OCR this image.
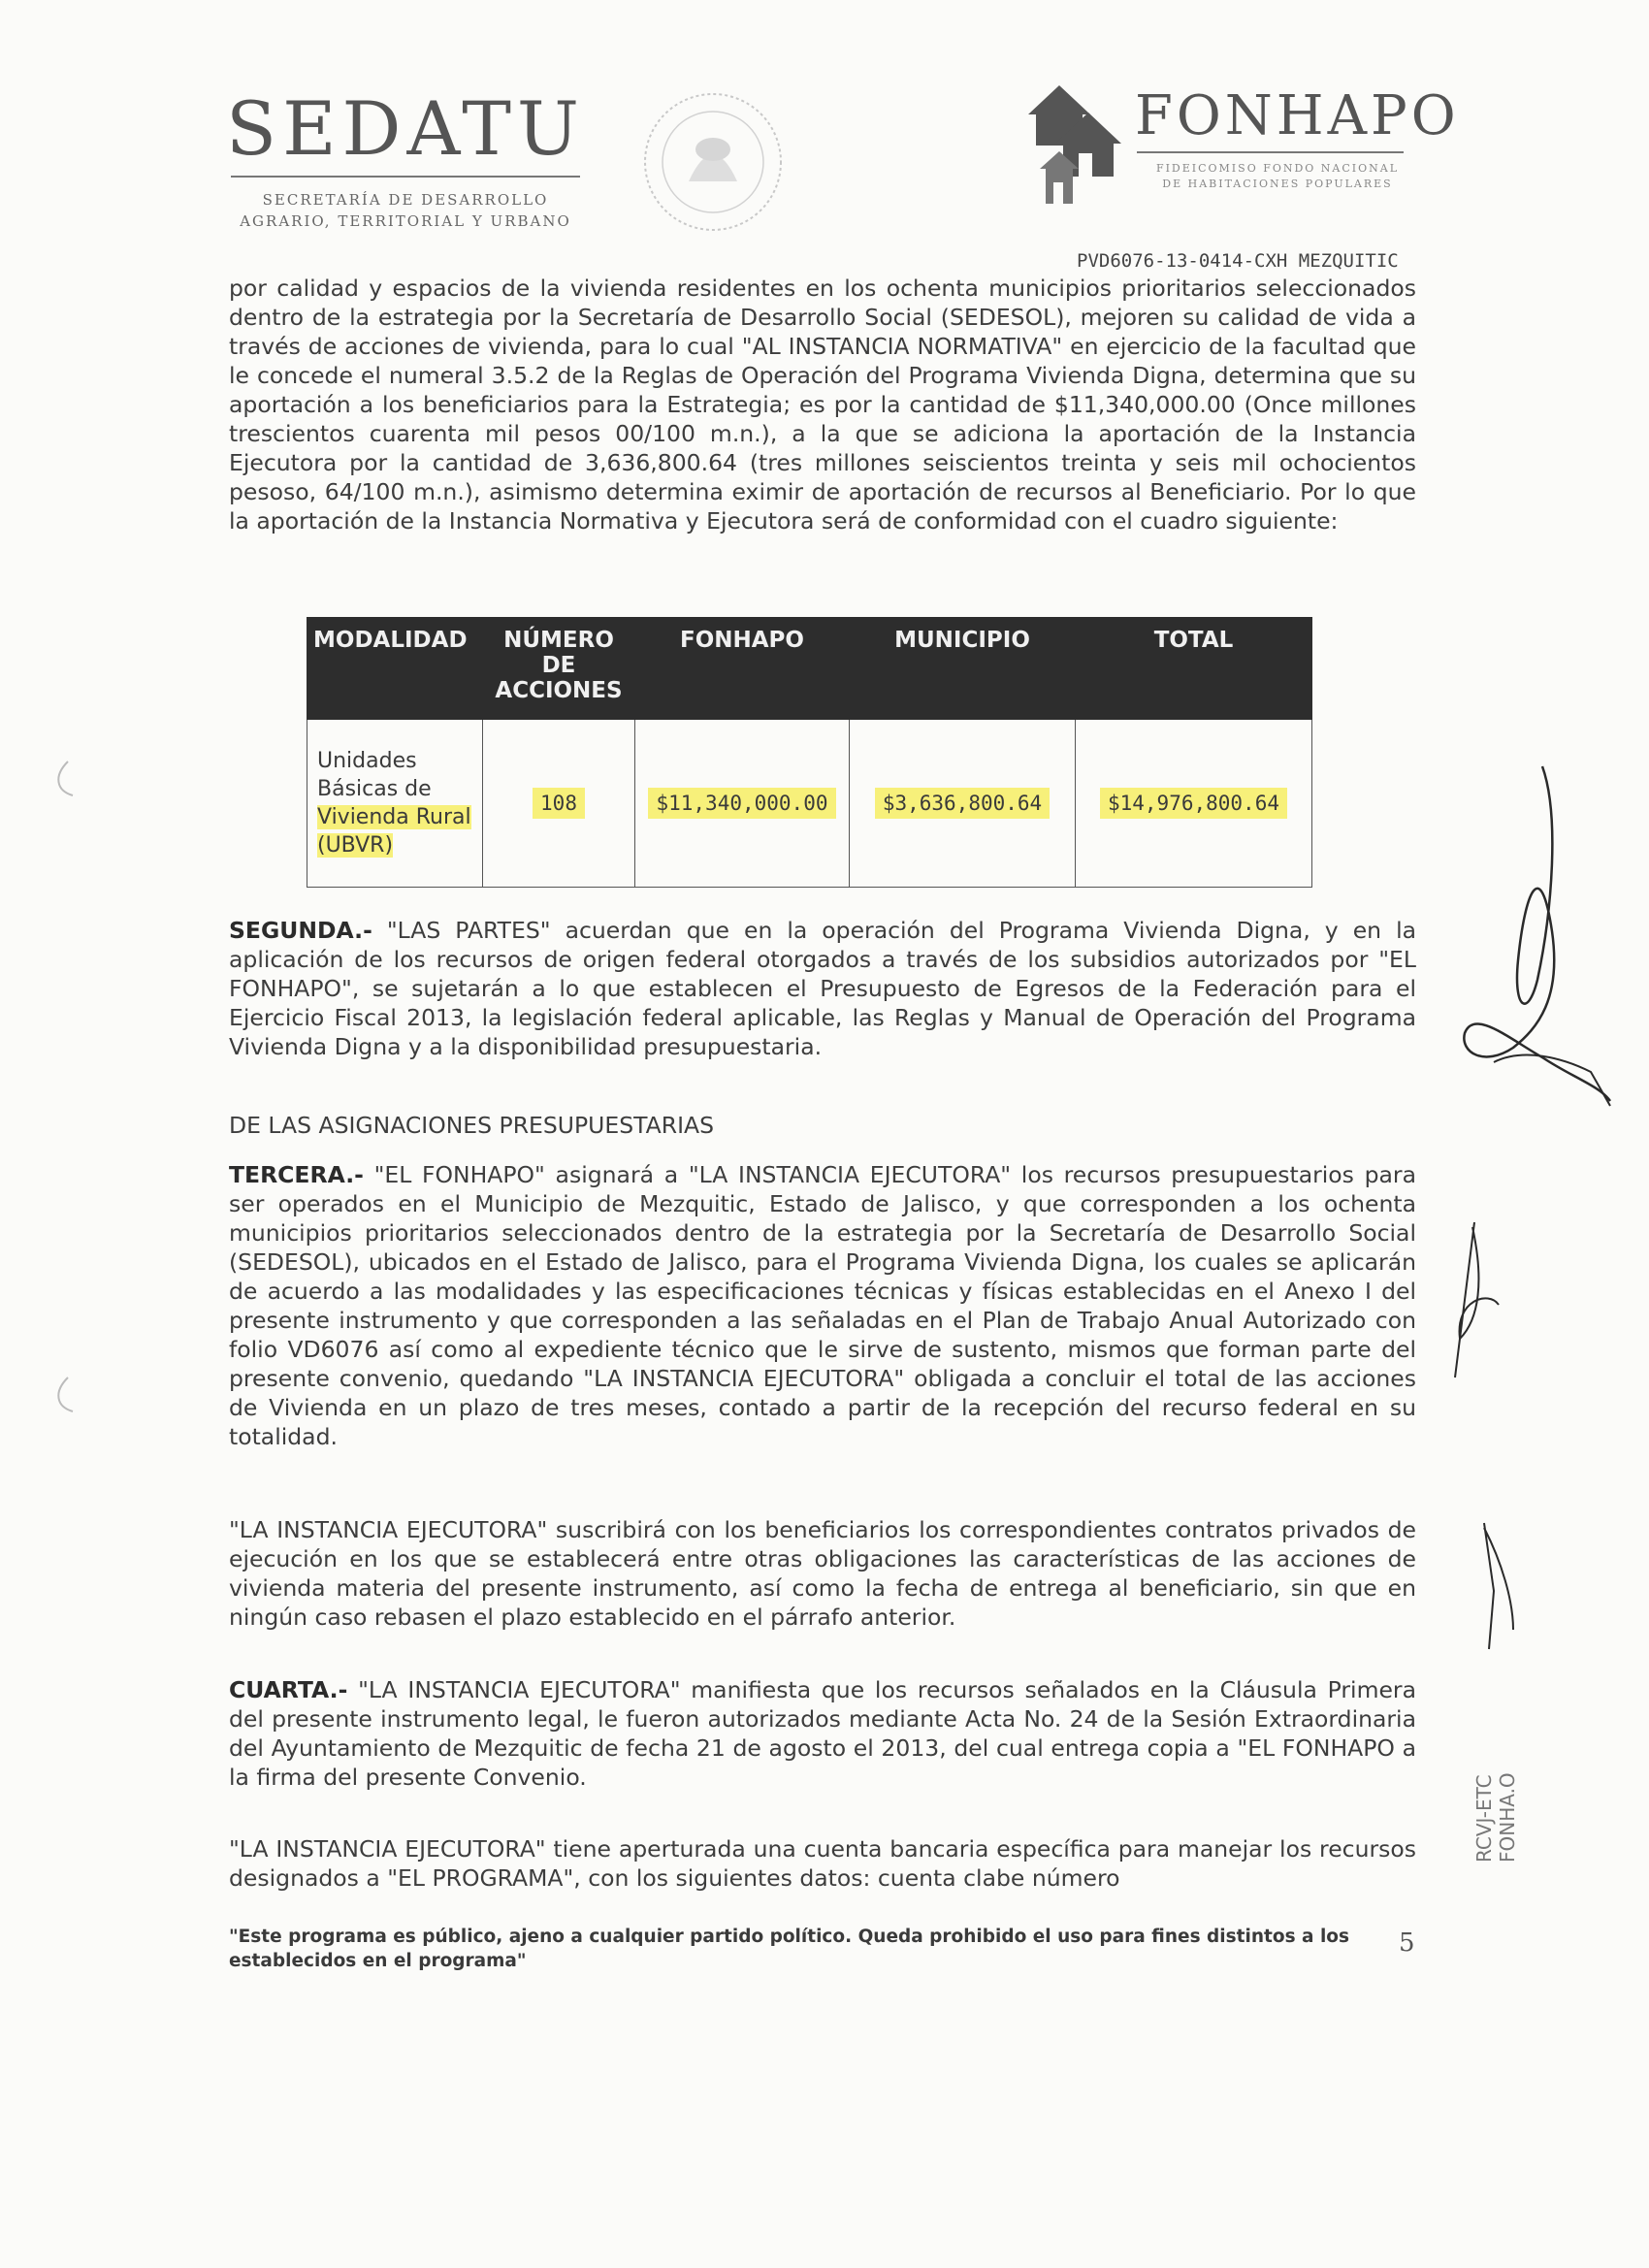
SEDATU
SECRETARÍA DE DESARROLLO
AGRARIO, TERRITORIAL Y URBANO
FONHAPO
FIDEICOMISO FONDO NACIONAL
DE HABITACIONES POPULARES
PVD6076-13-0414-CXH MEZQUITIC

por calidad y espacios de la vivienda residentes en los ochenta municipios prioritarios seleccionados dentro de la estrategia por la Secretaría de Desarrollo Social (SEDESOL), mejoren su calidad de vida a través de acciones de vivienda, para lo cual "AL INSTANCIA NORMATIVA" en ejercicio de la facultad que le concede el numeral 3.5.2 de la Reglas de Operación del Programa Vivienda Digna, determina que su aportación a los beneficiarios para la Estrategia; es por la cantidad de $11,340,000.00 (Once millones trescientos cuarenta mil pesos 00/100 m.n.), a la que se adiciona la aportación de la Instancia Ejecutora por la cantidad de 3,636,800.64 (tres millones seiscientos treinta y seis mil ochocientos pesoso, 64/100 m.n.), asimismo determina eximir de aportación de recursos al Beneficiario. Por lo que la aportación de la Instancia Normativa y Ejecutora será de conformidad con el cuadro siguiente:

MODALIDAD	NÚMERO DE ACCIONES	FONHAPO	MUNICIPIO	TOTAL
Unidades Básicas de
Vivienda Rural (UBVR)	108	$11,340,000.00	$3,636,800.64	$14,976,800.64

SEGUNDA.- "LAS PARTES" acuerdan que en la operación del Programa Vivienda Digna, y en la aplicación de los recursos de origen federal otorgados a través de los subsidios autorizados por "EL FONHAPO", se sujetarán a lo que establecen el Presupuesto de Egresos de la Federación para el Ejercicio Fiscal 2013, la legislación federal aplicable, las Reglas y Manual de Operación del Programa Vivienda Digna y a la disponibilidad presupuestaria.

DE LAS ASIGNACIONES PRESUPUESTARIAS

TERCERA.- "EL FONHAPO" asignará a "LA INSTANCIA EJECUTORA" los recursos presupuestarios para ser operados en el Municipio de Mezquitic, Estado de Jalisco, y que corresponden a los ochenta municipios prioritarios seleccionados dentro de la estrategia por la Secretaría de Desarrollo Social (SEDESOL), ubicados en el Estado de Jalisco, para el Programa Vivienda Digna, los cuales se aplicarán de acuerdo a las modalidades y las especificaciones técnicas y físicas establecidas en el Anexo I del presente instrumento y que corresponden a las señaladas en el Plan de Trabajo Anual Autorizado con folio VD6076 así como al expediente técnico que le sirve de sustento, mismos que forman parte del presente convenio, quedando "LA INSTANCIA EJECUTORA" obligada a concluir el total de las acciones de Vivienda en un plazo de tres meses, contado a partir de la recepción del recurso federal en su totalidad.

"LA INSTANCIA EJECUTORA" suscribirá con los beneficiarios los correspondientes contratos privados de ejecución en los que se establecerá entre otras obligaciones las características de las acciones de vivienda materia del presente instrumento, así como la fecha de entrega al beneficiario, sin que en ningún caso rebasen el plazo establecido en el párrafo anterior.

CUARTA.- "LA INSTANCIA EJECUTORA" manifiesta que los recursos señalados en la Cláusula Primera del presente instrumento legal, le fueron autorizados mediante Acta No. 24 de la Sesión Extraordinaria del Ayuntamiento de Mezquitic de fecha 21 de agosto el 2013, del cual entrega copia a "EL FONHAPO a la firma del presente Convenio.

"LA INSTANCIA EJECUTORA" tiene aperturada una cuenta bancaria específica para manejar los recursos designados a "EL PROGRAMA", con los siguientes datos: cuenta clabe número

"Este programa es público, ajeno a cualquier partido político. Queda prohibido el uso para fines distintos a los establecidos en el programa"
5
RCVJ-ETC FONHA.O
